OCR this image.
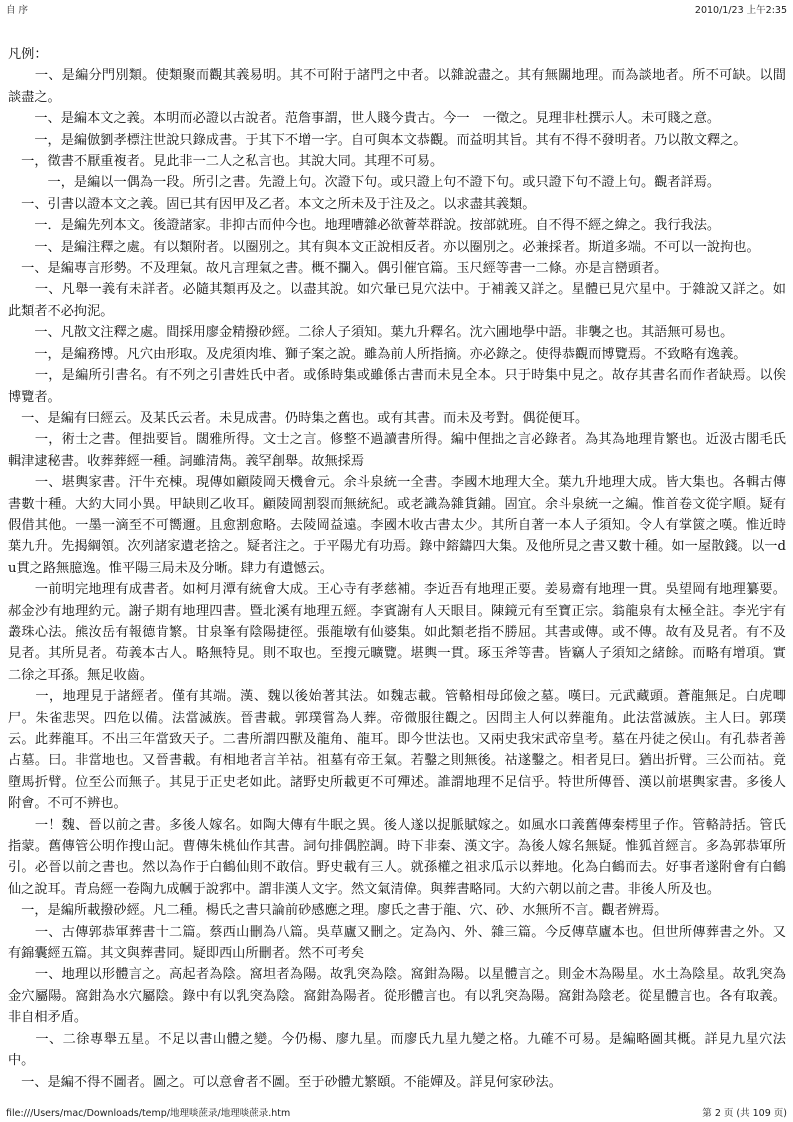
自 序	2010/1/23 上午2:35

凡例：

　　一、是編分門別類。使類聚而觀其義易明。其不可附于諸門之中者。以雜說盡之。其有無關地理。而為談地者。所不可缺。以間談盡之。

　　一、是編本文之義。本明而必證以古說者。范詹事謂，世人賤今貴古。今一　一徵之。見理非杜撰示人。未可賤之意。

　　一，是編倣劉孝標注世說只錄成書。于其下不增一字。自可與本文恭觀。而益明其旨。其有不得不發明者。乃以散文釋之。

　一，徵書不厭重複者。見此非一二人之私言也。其說大同。其理不可易。

　　　一，是編以一偶為一段。所引之書。先證上句。次證下句。或只證上句不證下句。或只證下句不證上句。觀者詳焉。

　一、引書以證本文之義。固已其有因甲及乙者。本文之所未及于注及之。以求盡其義類。

　　一．是編先列本文。後證諸家。非抑古而仲今也。地理嘈雜必欲薈萃群說。按部就班。自不得不經之緯之。我行我法。

　　一、是編注釋之處。有以類附者。以圈別之。其有與本文正說相反者。亦以圈別之。必兼採者。斯道多端。不可以一說拘也。

　一、是編專言形勢。不及理氣。故凡言理氣之書。概不攔入。偶引催官篇。玉尺經等書一二條。亦是言巒頭者。

　　一、凡舉一義有未詳者。必隨其類再及之。以盡其說。如穴暈已見穴法中。于補義又詳之。星體已見穴星中。于雜說又詳之。如此類者不必拘泥。

　　一、凡散文注釋之處。間採用廖金精撥砂經。二徐人子須知。葉九升釋名。沈六圃地學中語。非襲之也。其語無可易也。

　　一，是編務博。凡穴由形取。及虎須肉堆、獅子案之說。雖為前人所指摘。亦必錄之。使得恭觀而博覽焉。不致略有逸義。

　　一，是編所引書名。有不列之引書姓氏中者。或係時集或雖係古書而未見全本。只于時集中見之。故存其書名而作者缺焉。以俟博覽者。

　一、是編有曰經云。及某氏云者。未見成書。仍時集之舊也。或有其書。而未及考對。偶從便耳。

　　一，術士之書。俚拙要旨。闊雅所得。文士之言。修整不過讀書所得。編中俚拙之言必錄者。為其為地理肯繁也。近汲古閣毛氏輯津逮秘書。收葬葬經一種。詞雖清雋。義罕創舉。故無採焉

　　一、堪輿家書。汗牛充棟。現傳如顧陵岡天機會元。余斗泉統一全書。李國木地理大全。葉九升地理大成。皆大集也。各輯古傳書數十種。大約大同小異。甲缺則乙收耳。顧陵岡割裂而無統紀。或老識為雜貨鋪。固宜。余斗泉統一之編。惟首卷文從字順。疑有假借其他。一墨一滴至不可嚮邇。且愈割愈略。去陵岡益遠。李國木收古書太少。其所自著一本人子須知。令人有掌篋之嘆。惟近時葉九升。先揭綱領。次列諸家遺老捨之。疑者注之。于平陽尤有功焉。錄中鎔鑄四大集。及他所見之書又數十種。如一屋散錢。以一du貫之路無臆逸。惟平陽三局未及分晰。肆力有遺憾云。

　　一前明完地理有成書者。如柯月潭有統會大成。王心寺有孝慈補。李近吾有地理正要。姜易齋有地理一貫。吳望岡有地理纂要。郝金沙有地理約元。謝子期有地理四書。暨北溪有地理五經。李賓謝有人天眼目。陳鏡元有至寶正宗。翁龍泉有太極全註。李光宇有叢珠心法。熊汝岳有報德肯繁。甘泉峯有陰陽捷徑。張龍墩有仙婆集。如此類老指不勝屈。其書或傳。或不傳。故有及見者。有不及見者。其所見者。苟義本古人。略無特見。則不取也。至搜元曠覽。堪輿一貫。琢玉斧等書。皆竊人子須知之緒餘。而略有增項。實二徐之耳孫。無足收齒。

　　一，地理見于諸經者。僅有其端。漢、魏以後始著其法。如魏志載。管輅相母邱儉之墓。嘆曰。元武藏頭。蒼龍無足。白虎唧尸。朱雀悲哭。四危以備。法當滅族。晉書載。郭璞嘗為人葬。帝微服往觀之。因問主人何以葬龍角。此法當滅族。主人曰。郭璞云。此葬龍耳。不出三年當致天子。二書所謂四獸及龍角、龍耳。即今世法也。又兩史我宋武帝皇考。墓在丹徒之侯山。有孔恭者善占墓。曰。非當地也。又晉書載。有相地者言羊祜。祖墓有帝王氣。若鑿之則無後。祜遂鑿之。相者見曰。猶出折臂。三公而祜。竟墮馬折臂。位至公而無子。其見于正史老如此。諸野史所載更不可殫述。誰謂地理不足信乎。特世所傳晉、漢以前堪輿家書。多後人附會。不可不辨也。

　　一！魏、晉以前之書。多後人嫁名。如陶大傳有牛眠之異。後人遂以捉脈賦嫁之。如風水口義舊傳秦樗里子作。管輅詩括。管氏指蒙。舊傳管公明作搜山記。曹傳朱桃仙作其書。詞句排偶腔調。時下非秦、漢文字。為後人嫁名無疑。惟狐首經言。多為郭恭軍所引。必晉以前之書也。然以為作于白鶴仙則不敢信。野史載有三人。就孫權之祖求瓜示以葬地。化為白鶴而去。好事者遂附會有白鶴仙之說耳。青烏經一卷陶九成幗于說郛中。謂非漢人文字。然文氣清偉。與葬書略同。大約六朝以前之書。非後人所及也。

　一，是編所載撥砂經。凡二種。楊氏之書只論前砂感應之理。廖氏之書于龍、穴、砂、水無所不言。觀者辨焉。

　　一、古傳郭恭軍葬書十二篇。蔡西山刪為八篇。吳草廬又刪之。定為內、外、雜三篇。今反傳草廬本也。但世所傳葬書之外。又有錦囊經五篇。其文與葬書同。疑即西山所刪者。然不可考矣

　　一、地理以形體言之。高起者為陰。窩坦者為陽。故乳突為陰。窩鉗為陽。以星體言之。則金木為陽星。水土為陰星。故乳突為金穴屬陽。窩鉗為水穴屬陰。錄中有以乳突為陰。窩鉗為陽者。從形體言也。有以乳突為陽。窩鉗為陰老。從星體言也。各有取義。非自相矛盾。

　　一、二徐專舉五星。不足以書山體之變。今仍楊、廖九星。而廖氏九星九變之格。九確不可易。是編略圖其概。詳見九星穴法中。

　一、是編不得不圖者。圖之。可以意會者不圖。至于砂體尤繁頤。不能嬋及。詳見何家砂法。

file:///Users/mac/Downloads/temp/地理啖蔗录/地理啖蔗录.htm	第 2 页 (共 109 页)
